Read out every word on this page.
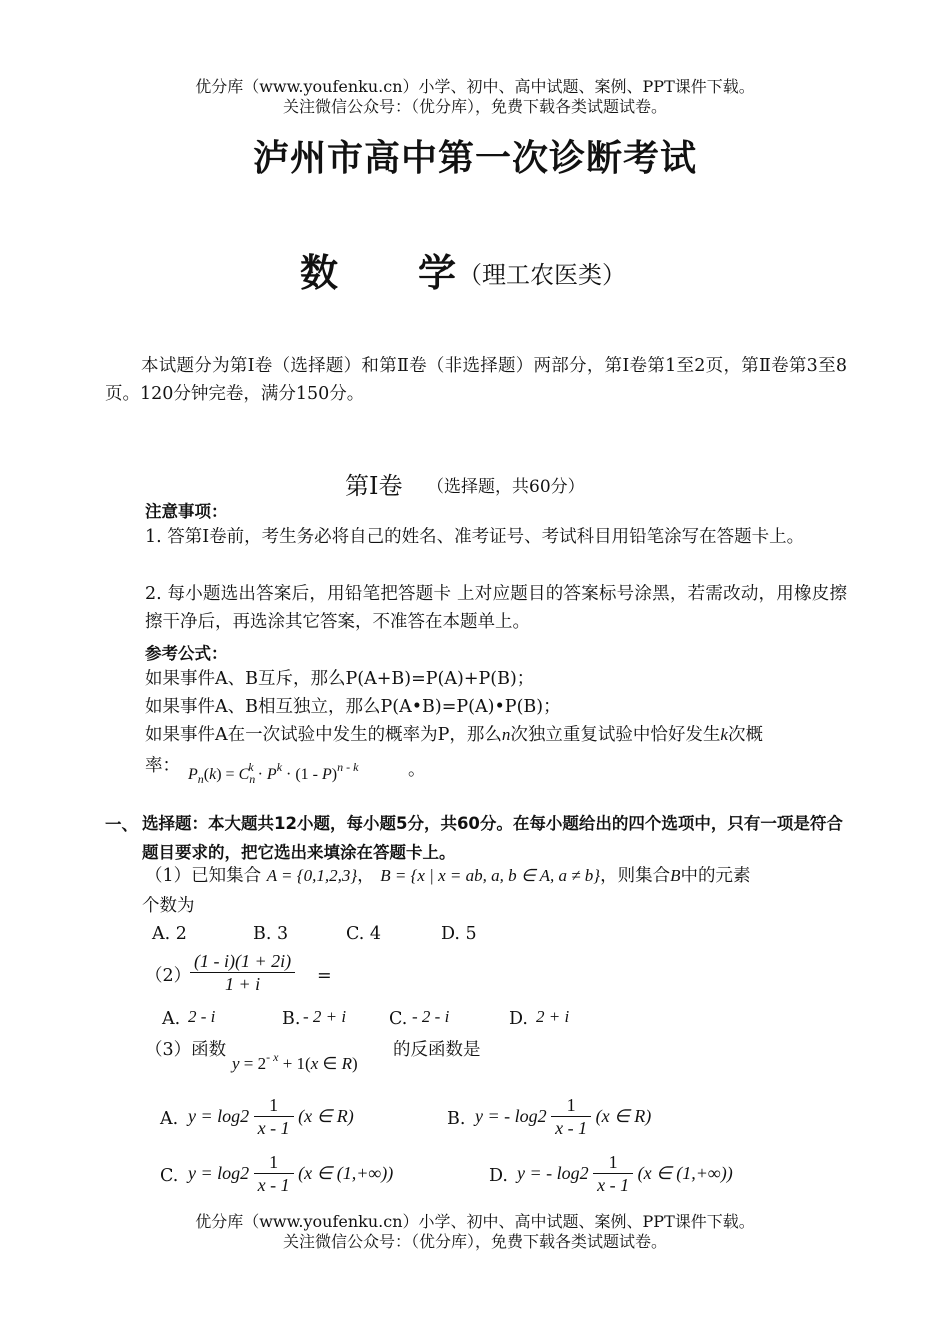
优分库（www.youfenku.cn）小学、初中、高中试题、案例、PPT课件下载。
关注微信公众号：（优分库），免费下载各类试题试卷。
泸州市高中第一次诊断考试
数 学 （理工农医类）
本试题分为第Ⅰ卷（选择题）和第Ⅱ卷（非选择题）两部分，第Ⅰ卷第1至2页，第Ⅱ卷第3至8页。120分钟完卷，满分150分。
第Ⅰ卷 （选择题，共60分）
注意事项：
1. 答第Ⅰ卷前，考生务必将自己的姓名、准考证号、考试科目用铅笔涂写在答题卡上。
2. 每小题选出答案后，用铅笔把答题卡 上对应题目的答案标号涂黑，若需改动，用橡皮擦擦干净后，再选涂其它答案，不准答在本题单上。
参考公式：
如果事件A、B互斥，那么P(A+B)=P(A)+P(B)；
如果事件A、B相互独立，那么P(A•B)=P(A)•P(B)；
如果事件A在一次试验中发生的概率为P，那么n次独立重复试验中恰好发生k次概
率： $P_n(k) = C_n^k \cdot P^k \cdot (1 - P)^{n - k}$	。
一、 选择题：本大题共12小题，每小题5分，共60分。在每小题给出的四个选项中，只有一项是符合题目要求的，把它选出来填涂在答题卡上。
（1）已知集合 A = {0,1,2,3}， B = {x | x = ab, a, b ∈ A, a ≠ b}，则集合B中的元素
个数为
A. 2	B. 3	C. 4	D. 5
（2）
$\frac{(1 - i)(1 + 2i)}{1 + i}$ =
A. 2 - i	B. - 2 + i C. - 2 - i	D. 2 + i
（3）函数
$y = 2^{- x} + 1(x$ ∈ R)
的反函数是
A. $y = \log 2 \frac{1}{x - 1} (x$ ∈ R)	B. y = - $\log 2 \frac{1}{x - 1} (x$ ∈ R)
C. $y = \log 2 \frac{1}{x - 1} (x$ ∈ (1,+∞))	D. y = - $\log 2 \frac{1}{x - 1} (x$ ∈ (1,+∞))
优分库（www.youfenku.cn）小学、初中、高中试题、案例、PPT课件下载。
关注微信公众号：（优分库），免费下载各类试题试卷。
